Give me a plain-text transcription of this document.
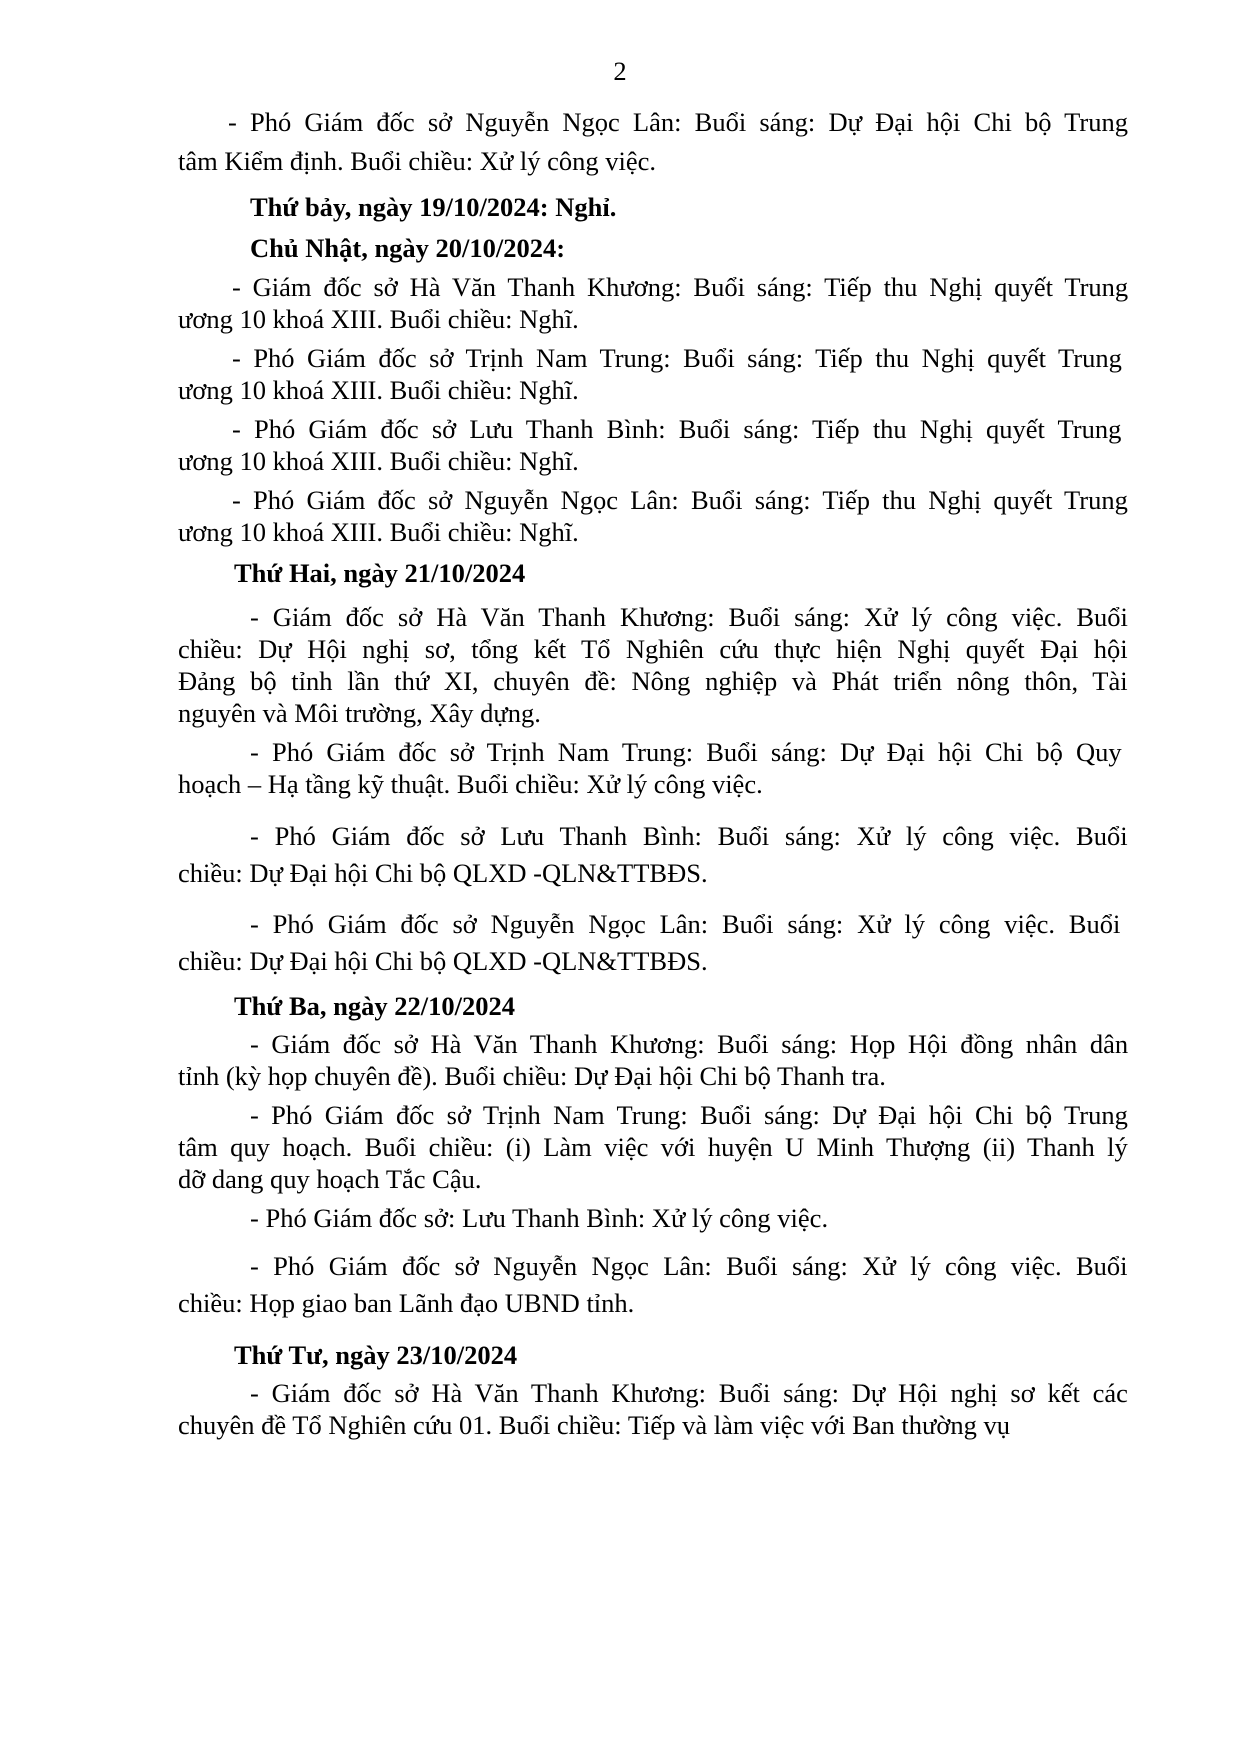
2
- Phó Giám đốc sở Nguyễn Ngọc Lân: Buổi sáng: Dự Đại hội Chi bộ Trung
tâm Kiểm định. Buổi chiều: Xử lý công việc.
Thứ bảy, ngày 19/10/2024: Nghỉ.
Chủ Nhật, ngày 20/10/2024:
- Giám đốc sở Hà Văn Thanh Khương: Buổi sáng: Tiếp thu Nghị quyết Trung
ương 10 khoá XIII. Buổi chiều: Nghĩ.
- Phó Giám đốc sở Trịnh Nam Trung: Buổi sáng: Tiếp thu Nghị quyết Trung
ương 10 khoá XIII. Buổi chiều: Nghĩ.
- Phó Giám đốc sở Lưu Thanh Bình: Buổi sáng: Tiếp thu Nghị quyết Trung
ương 10 khoá XIII. Buổi chiều: Nghĩ.
- Phó Giám đốc sở Nguyễn Ngọc Lân: Buổi sáng: Tiếp thu Nghị quyết Trung
ương 10 khoá XIII. Buổi chiều: Nghĩ.
Thứ Hai, ngày 21/10/2024
- Giám đốc sở Hà Văn Thanh Khương: Buổi sáng: Xử lý công việc. Buổi
chiều: Dự Hội nghị sơ, tổng kết Tổ Nghiên cứu thực hiện Nghị quyết Đại hội
Đảng bộ tỉnh lần thứ XI, chuyên đề: Nông nghiệp và Phát triển nông thôn, Tài
nguyên và Môi trường, Xây dựng.
- Phó Giám đốc sở Trịnh Nam Trung: Buổi sáng: Dự Đại hội Chi bộ Quy
hoạch – Hạ tầng kỹ thuật. Buổi chiều: Xử lý công việc.
- Phó Giám đốc sở Lưu Thanh Bình: Buổi sáng: Xử lý công việc. Buổi
chiều: Dự Đại hội Chi bộ QLXD -QLN&TTBĐS.
- Phó Giám đốc sở Nguyễn Ngọc Lân: Buổi sáng: Xử lý công việc. Buổi
chiều: Dự Đại hội Chi bộ QLXD -QLN&TTBĐS.
Thứ Ba, ngày 22/10/2024
- Giám đốc sở Hà Văn Thanh Khương: Buổi sáng: Họp Hội đồng nhân dân
tỉnh (kỳ họp chuyên đề). Buổi chiều: Dự Đại hội Chi bộ Thanh tra.
- Phó Giám đốc sở Trịnh Nam Trung: Buổi sáng: Dự Đại hội Chi bộ Trung
tâm quy hoạch. Buổi chiều: (i) Làm việc với huyện U Minh Thượng (ii) Thanh lý
dỡ dang quy hoạch Tắc Cậu.
- Phó Giám đốc sở: Lưu Thanh Bình: Xử lý công việc.
- Phó Giám đốc sở Nguyễn Ngọc Lân: Buổi sáng: Xử lý công việc. Buổi
chiều: Họp giao ban Lãnh đạo UBND tỉnh.
Thứ Tư, ngày 23/10/2024
- Giám đốc sở Hà Văn Thanh Khương: Buổi sáng: Dự Hội nghị sơ kết các
chuyên đề Tổ Nghiên cứu 01. Buổi chiều: Tiếp và làm việc với Ban thường vụ
